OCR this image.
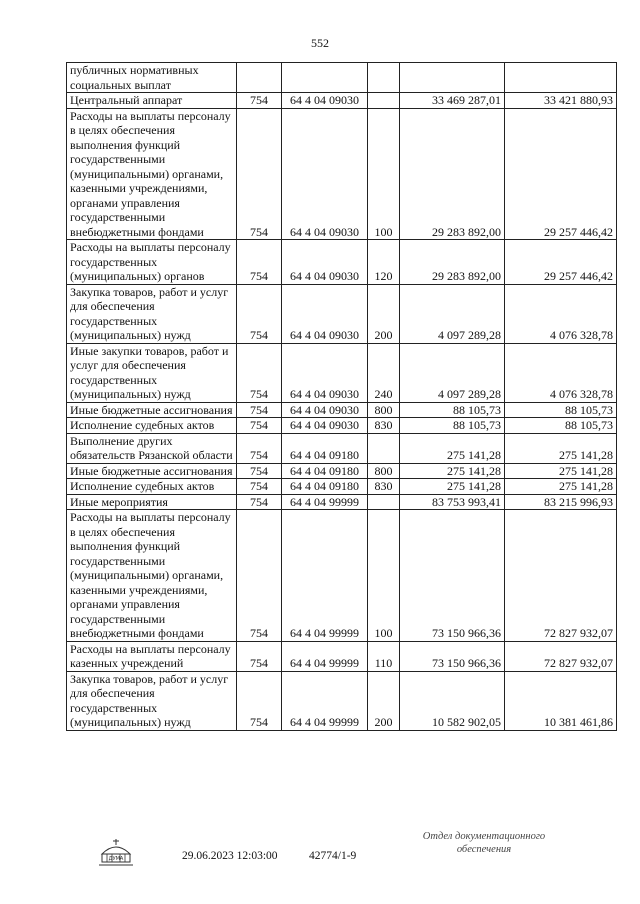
552
публичных нормативных социальных выплат					
Центральный аппарат	754	64 4 04 09030		33 469 287,01	33 421 880,93
Расходы на выплаты персоналу в целях обеспечения выполнения функций государственными (муниципальными) органами, казенными учреждениями, органами управления государственными внебюджетными фондами	754	64 4 04 09030	100	29 283 892,00	29 257 446,42
Расходы на выплаты персоналу государственных (муниципальных) органов	754	64 4 04 09030	120	29 283 892,00	29 257 446,42
Закупка товаров, работ и услуг для обеспечения государственных (муниципальных) нужд	754	64 4 04 09030	200	4 097 289,28	4 076 328,78
Иные закупки товаров, работ и услуг для обеспечения государственных (муниципальных) нужд	754	64 4 04 09030	240	4 097 289,28	4 076 328,78
Иные бюджетные ассигнования	754	64 4 04 09030	800	88 105,73	88 105,73
Исполнение судебных актов	754	64 4 04 09030	830	88 105,73	88 105,73
Выполнение других обязательств Рязанской области	754	64 4 04 09180		275 141,28	275 141,28
Иные бюджетные ассигнования	754	64 4 04 09180	800	275 141,28	275 141,28
Исполнение судебных актов	754	64 4 04 09180	830	275 141,28	275 141,28
Иные мероприятия	754	64 4 04 99999		83 753 993,41	83 215 996,93
Расходы на выплаты персоналу в целях обеспечения выполнения функций государственными (муниципальными) органами, казенными учреждениями, органами управления государственными внебюджетными фондами	754	64 4 04 99999	100	73 150 966,36	72 827 932,07
Расходы на выплаты персоналу казенных учреждений	754	64 4 04 99999	110	73 150 966,36	72 827 932,07
Закупка товаров, работ и услуг для обеспечения государственных (муниципальных) нужд	754	64 4 04 99999	200	10 582 902,05	10 381 461,86
ДУМА	29.06.2023 12:03:00	42774/1-9
Отдел документационного
обеспечения
